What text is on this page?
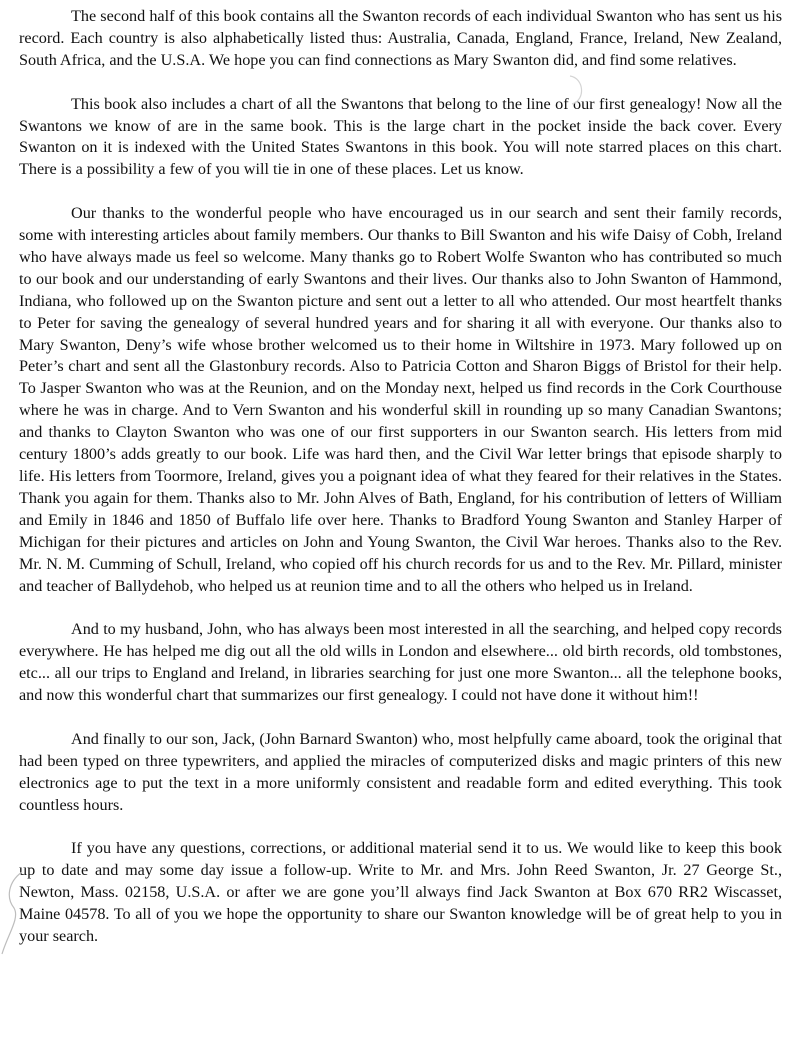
The second half of this book contains all the Swanton records of each individual Swanton who has sent us his record. Each country is also alphabetically listed thus: Australia, Canada, England, France, Ireland, New Zealand, South Africa, and the U.S.A. We hope you can find connections as Mary Swanton did, and find some relatives.

This book also includes a chart of all the Swantons that belong to the line of our first genealogy! Now all the Swantons we know of are in the same book. This is the large chart in the pocket inside the back cover. Every Swanton on it is indexed with the United States Swantons in this book. You will note starred places on this chart. There is a possibility a few of you will tie in one of these places. Let us know.

Our thanks to the wonderful people who have encouraged us in our search and sent their family records, some with interesting articles about family members. Our thanks to Bill Swanton and his wife Daisy of Cobh, Ireland who have always made us feel so welcome. Many thanks go to Robert Wolfe Swanton who has contributed so much to our book and our understanding of early Swantons and their lives. Our thanks also to John Swanton of Hammond, Indiana, who followed up on the Swanton picture and sent out a letter to all who attended. Our most heartfelt thanks to Peter for saving the genealogy of several hundred years and for sharing it all with everyone. Our thanks also to Mary Swanton, Deny’s wife whose brother welcomed us to their home in Wiltshire in 1973. Mary followed up on Peter’s chart and sent all the Glastonbury records. Also to Patricia Cotton and Sharon Biggs of Bristol for their help. To Jasper Swanton who was at the Reunion, and on the Monday next, helped us find records in the Cork Courthouse where he was in charge. And to Vern Swanton and his wonderful skill in rounding up so many Canadian Swantons; and thanks to Clayton Swanton who was one of our first supporters in our Swanton search. His letters from mid century 1800’s adds greatly to our book. Life was hard then, and the Civil War letter brings that episode sharply to life. His letters from Toormore, Ireland, gives you a poignant idea of what they feared for their relatives in the States. Thank you again for them. Thanks also to Mr. John Alves of Bath, England, for his contribution of letters of William and Emily in 1846 and 1850 of Buffalo life over here. Thanks to Bradford Young Swanton and Stanley Harper of Michigan for their pictures and articles on John and Young Swanton, the Civil War heroes. Thanks also to the Rev. Mr. N. M. Cumming of Schull, Ireland, who copied off his church records for us and to the Rev. Mr. Pillard, minister and teacher of Ballydehob, who helped us at reunion time and to all the others who helped us in Ireland.

And to my husband, John, who has always been most interested in all the searching, and helped copy records everywhere. He has helped me dig out all the old wills in London and elsewhere... old birth records, old tombstones, etc... all our trips to England and Ireland, in libraries searching for just one more Swanton... all the telephone books, and now this wonderful chart that summarizes our first genealogy. I could not have done it without him!!

And finally to our son, Jack, (John Barnard Swanton) who, most helpfully came aboard, took the original that had been typed on three typewriters, and applied the miracles of computerized disks and magic printers of this new electronics age to put the text in a more uniformly consistent and readable form and edited everything. This took countless hours.

If you have any questions, corrections, or additional material send it to us. We would like to keep this book up to date and may some day issue a follow-up. Write to Mr. and Mrs. John Reed Swanton, Jr. 27 George St., Newton, Mass. 02158, U.S.A. or after we are gone you’ll always find Jack Swanton at Box 670 RR2 Wiscasset, Maine 04578. To all of you we hope the opportunity to share our Swanton knowledge will be of great help to you in your search.
